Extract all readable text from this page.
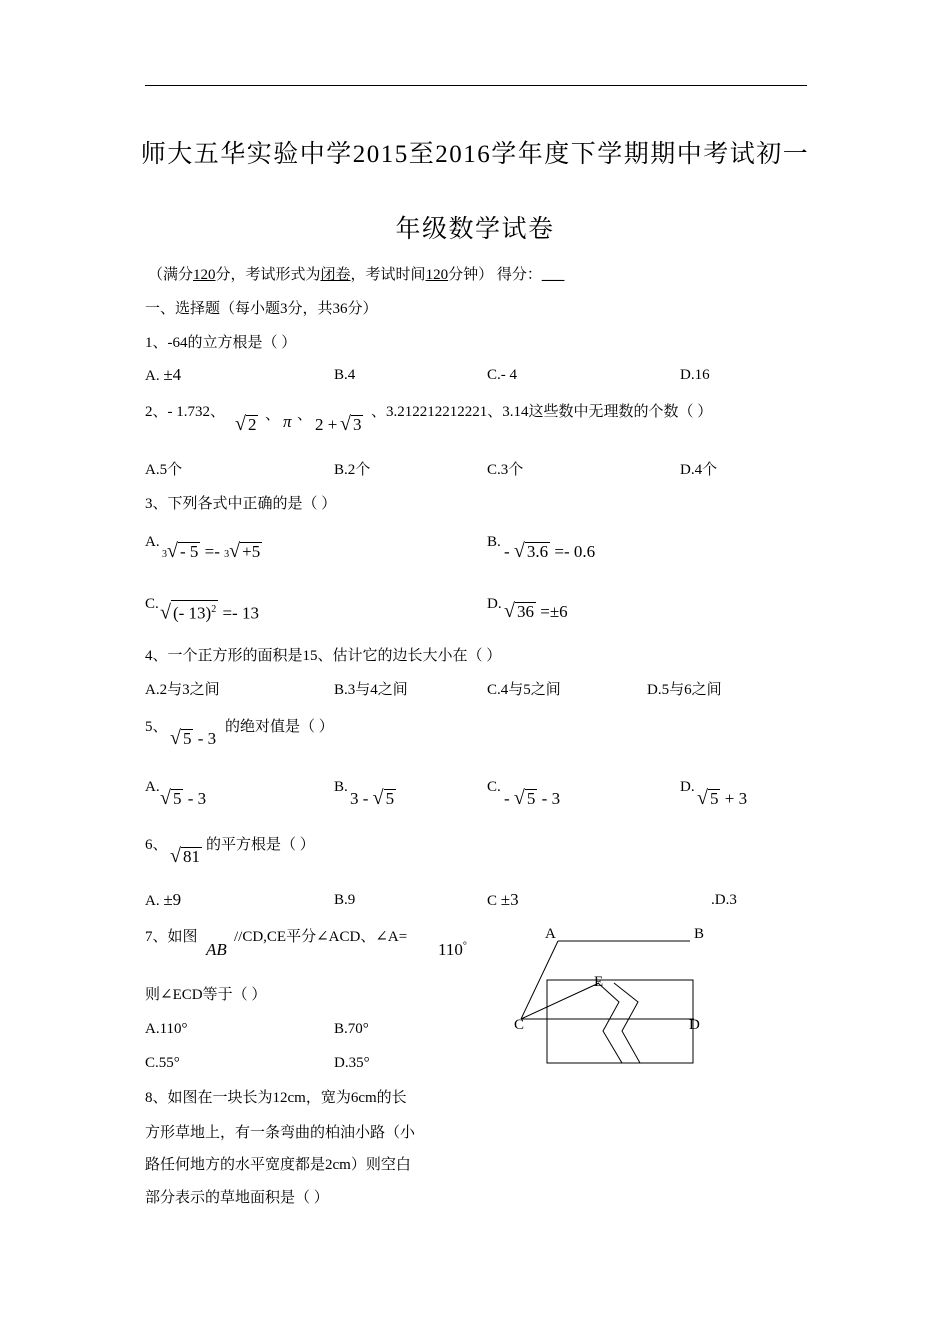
师大五华实验中学2015至2016学年度下学期期中考试初一
年级数学试卷
（满分120分，考试形式为闭卷，考试时间120分钟） 得分：___
一、选择题（每小题3分，共36分）
1、-64的立方根是（ ）
A. ±4	B.4	C.- 4	D.16
2、- 1.732、
√ 2 、 π 、 2 + √ 3
、3.212212212221、3.14这些数中无理数的个数（ ）
A.5个	B.2个	C.3个	D.4个
3、下列各式中正确的是（ ）
A.
3√ - 5 =- 3√ +5	B. - √ 3.6 =- 0.6
C. √ (- 13)$^2$ =- 13	D. √ 36 =±6
4、一个正方形的面积是15、估计它的边长大小在（ ）
A.2与3之间	B.3与4之间	C.4与5之间	D.5与6之间
5、 √ 5 - 3
的绝对值是（ ）
A. √ 5 - 3
B.
3 - √ 5
C.
- √ 5 - 3
D. √ 5 + 3
6、 √ 81
的平方根是（ ）
A. ±9	B.9	C ±3	.D.3
7、如图
AB
//CD,CE平分∠ACD、∠A=
110°
则∠ECD等于（ ）
A.110°	B.70°
C.55°	D.35°
8、如图在一块长为12cm，宽为6cm的长
方形草地上，有一条弯曲的柏油小路（小
路任何地方的水平宽度都是2cm）则空白
部分表示的草地面积是（ ）
A	B
C	D
E
